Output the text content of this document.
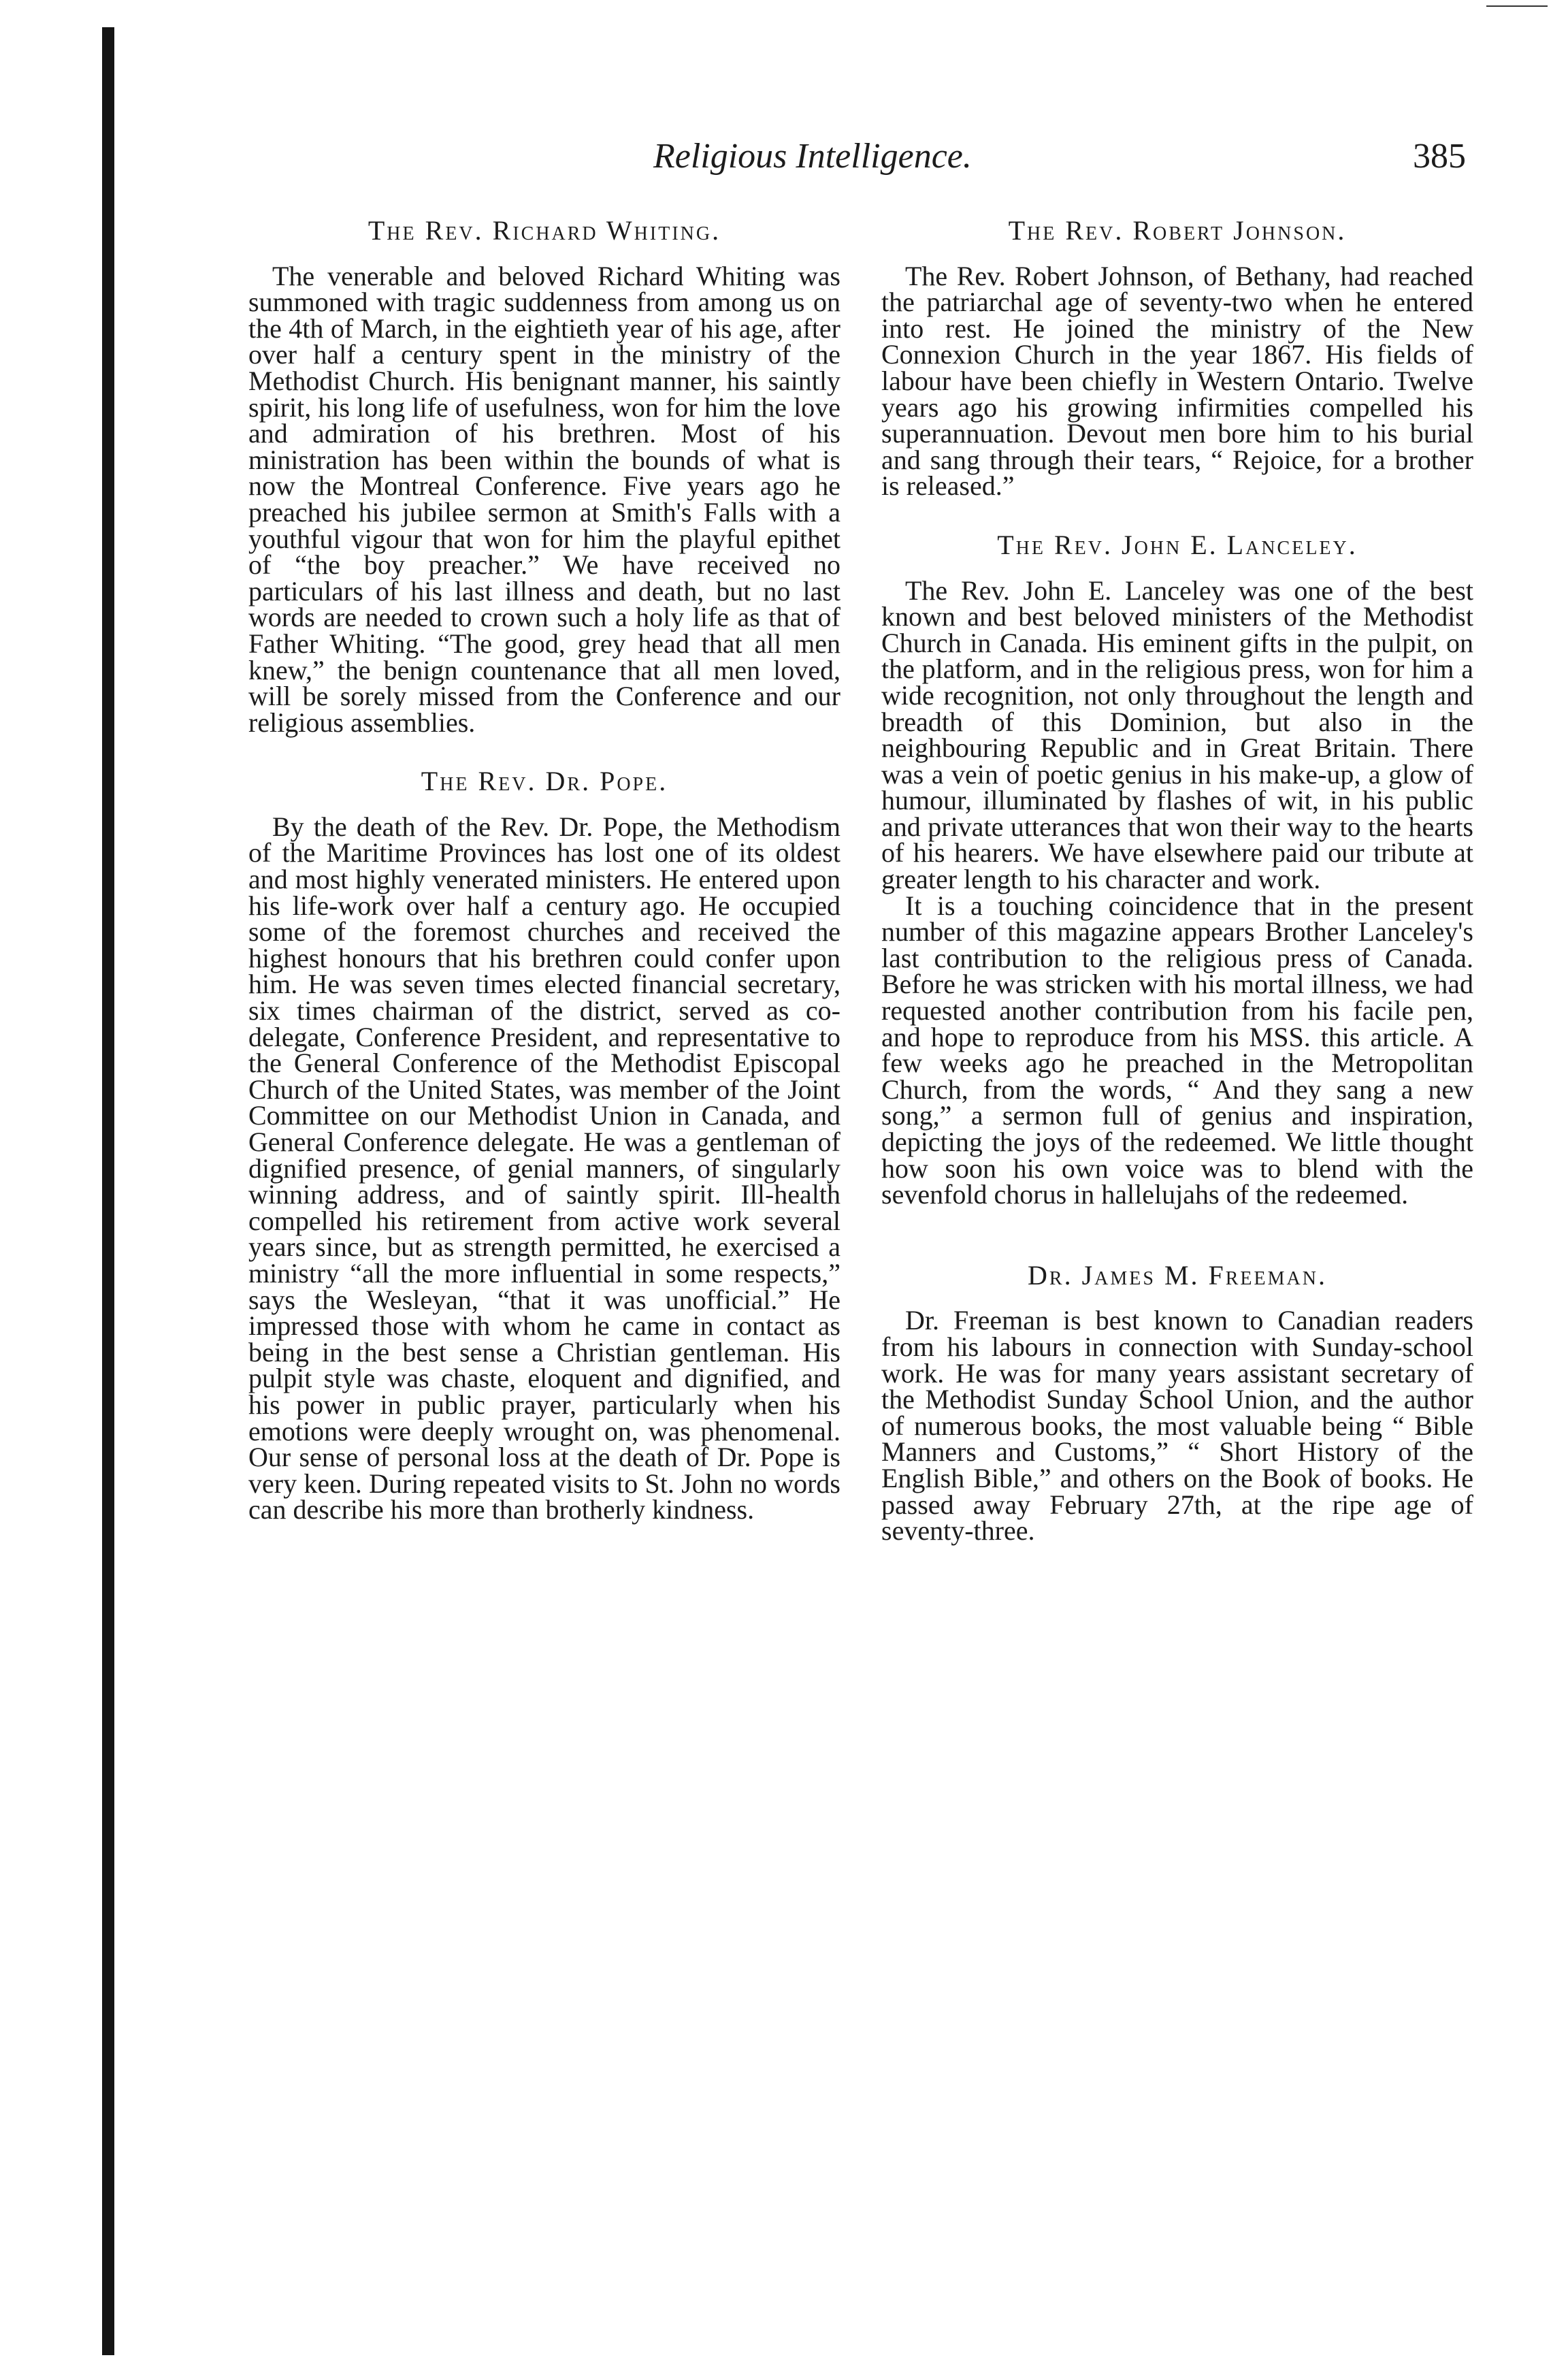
Religious Intelligence.	385
The Rev. Richard Whiting.

The venerable and beloved Richard Whiting was summoned with tragic suddenness from among us on the 4th of March, in the eightieth year of his age, after over half a century spent in the ministry of the Methodist Church. His benignant manner, his saintly spirit, his long life of usefulness, won for him the love and admiration of his brethren. Most of his ministration has been within the bounds of what is now the Montreal Conference. Five years ago he preached his jubilee sermon at Smith's Falls with a youthful vigour that won for him the playful epithet of “the boy preacher.” We have received no particulars of his last illness and death, but no last words are needed to crown such a holy life as that of Father Whiting. “The good, grey head that all men knew,” the benign countenance that all men loved, will be sorely missed from the Conference and our religious assemblies.

The Rev. Dr. Pope.

By the death of the Rev. Dr. Pope, the Methodism of the Maritime Provinces has lost one of its oldest and most highly venerated ministers. He entered upon his life-work over half a century ago. He occupied some of the foremost churches and received the highest honours that his brethren could confer upon him. He was seven times elected financial secretary, six times chairman of the district, served as co-delegate, Conference President, and representative to the General Conference of the Methodist Episcopal Church of the United States, was member of the Joint Committee on our Methodist Union in Canada, and General Conference delegate. He was a gentleman of dignified presence, of genial manners, of singularly winning address, and of saintly spirit. Ill-health compelled his retirement from active work several years since, but as strength permitted, he exercised a ministry “all the more influential in some respects,” says the Wesleyan, “that it was unofficial.” He impressed those with whom he came in contact as being in the best sense a Christian gentleman. His pulpit style was chaste, eloquent and dignified, and his power in public prayer, particularly when his emotions were deeply wrought on, was phenomenal. Our sense of personal loss at the death of Dr. Pope is very keen. During repeated visits to St. John no words can describe his more than brotherly kindness.

The Rev. Robert Johnson.

The Rev. Robert Johnson, of Bethany, had reached the patriarchal age of seventy-two when he entered into rest. He joined the ministry of the New Connexion Church in the year 1867. His fields of labour have been chiefly in Western Ontario. Twelve years ago his growing infirmities compelled his superannuation. Devout men bore him to his burial and sang through their tears, “ Rejoice, for a brother is released.”

The Rev. John E. Lanceley.

The Rev. John E. Lanceley was one of the best known and best beloved ministers of the Methodist Church in Canada. His eminent gifts in the pulpit, on the platform, and in the religious press, won for him a wide recognition, not only throughout the length and breadth of this Dominion, but also in the neighbouring Republic and in Great Britain. There was a vein of poetic genius in his make-up, a glow of humour, illuminated by flashes of wit, in his public and private utterances that won their way to the hearts of his hearers. We have elsewhere paid our tribute at greater length to his character and work.

It is a touching coincidence that in the present number of this magazine appears Brother Lanceley's last contribution to the religious press of Canada. Before he was stricken with his mortal illness, we had requested another contribution from his facile pen, and hope to reproduce from his MSS. this article. A few weeks ago he preached in the Metropolitan Church, from the words, “ And they sang a new song,” a sermon full of genius and inspiration, depicting the joys of the redeemed. We little thought how soon his own voice was to blend with the sevenfold chorus in hallelujahs of the redeemed.

Dr. James M. Freeman.

Dr. Freeman is best known to Canadian readers from his labours in connection with Sunday-school work. He was for many years assistant secretary of the Methodist Sunday School Union, and the author of numerous books, the most valuable being “ Bible Manners and Customs,” “ Short History of the English Bible,” and others on the Book of books. He passed away February 27th, at the ripe age of seventy-three.
